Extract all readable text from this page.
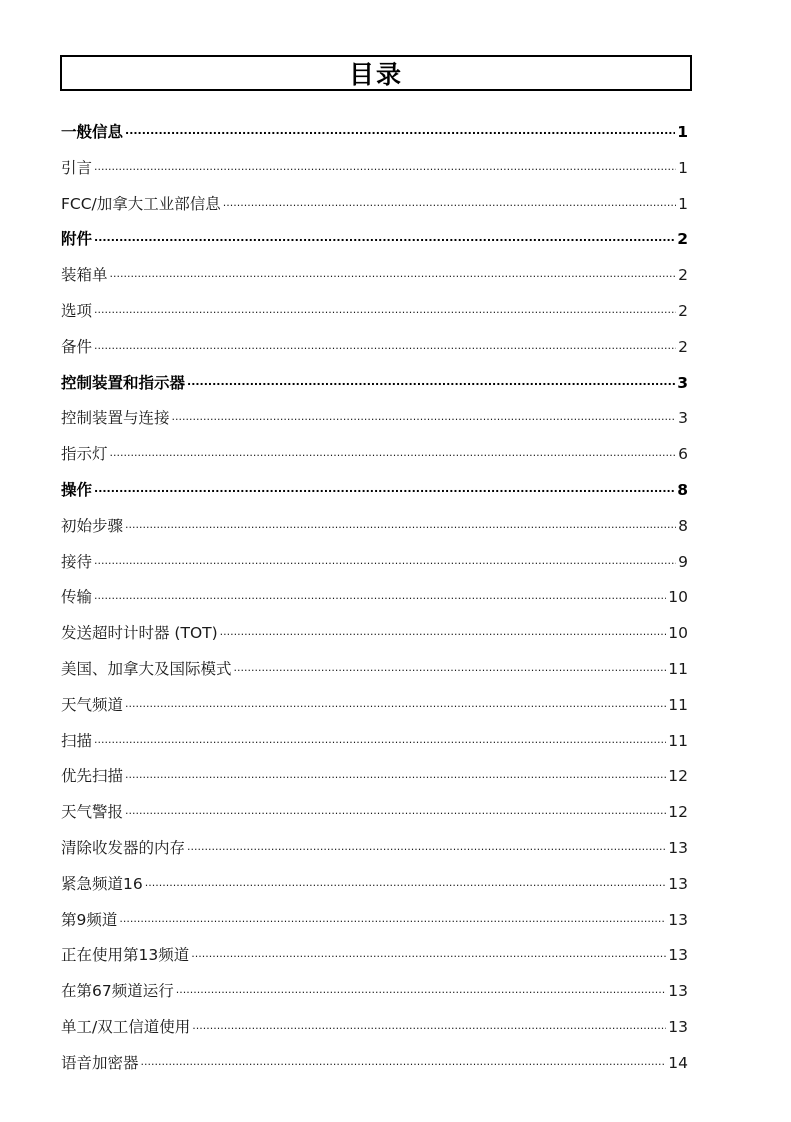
目录
一般信息 .....	1
引言 .....	1
FCC/加拿大工业部信息 .....	1
附件 .....	2
装箱单 .....	2
选项 .....	2
备件 .....	2
控制装置和指示器 .....	3
控制装置与连接 .....	3
指示灯 .....	6
操作 .....	8
初始步骤 .....	8
接待 .....	9
传输 .....	10
发送超时计时器 (TOT) .....	10
美国、加拿大及国际模式 .....	11
天气频道 .....	11
扫描 .....	11
优先扫描 .....	12
天气警报 .....	12
清除收发器的内存 .....	13
紧急频道16 .....	13
第9频道 .....	13
正在使用第13频道 .....	13
在第67频道运行 .....	13
单工/双工信道使用 .....	13
语音加密器 .....	14
